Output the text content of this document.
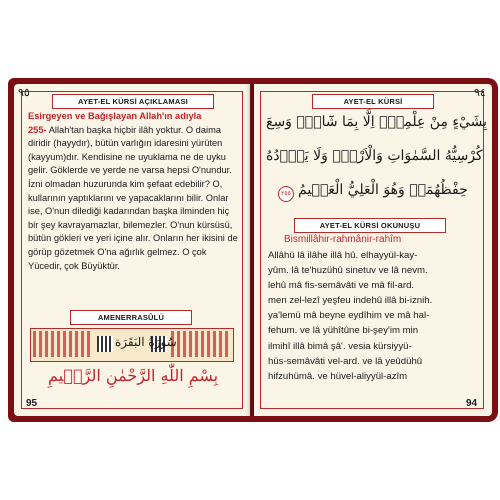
٩٥
AYET-EL KÜRSİ AÇIKLAMASI
Esirgeyen ve Bağışlayan Allah'ın adıyla
255- Allah'tan başka hiçbir ilâh yoktur. O daima diridir (hayydır), bütün varlığın idaresini yürüten (kayyum)dır. Kendisine ne uyuklama ne de uyku gelir. Göklerde ve yerde ne varsa hepsi O'nundur. İzni olmadan huzurunda kim şefaat edebilir? O, kullarının yaptıklarını ve yapacaklarını bilir. Onlar ise, O'nun dilediği kadarından başka ilminden hiç bir şey kavrayamazlar, bilemezler. O'nun kürsüsü, bütün gökleri ve yeri içine alır. Onların her ikisini de görüp gözetmek O'na ağırlık gelmez. O çok Yücedir, çok Büyüktür.
AMENERRASÛLÜ
سُورَةُ البَقَرَة
بِسْمِ اللّٰهِ الرَّحْمٰنِ الرَّح۪يمِ
95
٩٤
AYET-EL KÜRSİ
بِشَيْءٍ مِنْ عِلْمِه۪ٓ اِلَّا بِمَا شَٓاءَۚ وَسِعَ
كُرْسِيُّهُ السَّمٰوَاتِ وَالْاَرْضَۚ وَلَا يَؤُ۫دُهُ
٢٥٥ حِفْظُهُمَاۚ وَهُوَ الْعَلِيُّ الْعَظ۪يمُ
AYET-EL KÜRSİ OKUNUŞU
Bismillâhir-rahmânir-rahîm
Allâhü lâ ilâhe illâ hû. elhayyül-kay-
yûm. lâ te'huzühû sinetuv ve lâ nevm.
lehû mâ fis-semâvâti ve mâ fil-ard.
men zel-lezî yeşfeu indehû illâ bi-iznih.
ya'lemü mâ beyne eydîhim ve mâ hal-
fehum. ve lâ yühîtûne bi-şey'im min
ilmihî illâ bimâ şâ'. vesia kürsiyyü-
hüs-semâvâti vel-ard. ve lâ yeûdühû
hifzuhümâ. ve hüvel-aliyyül-azîm
94
